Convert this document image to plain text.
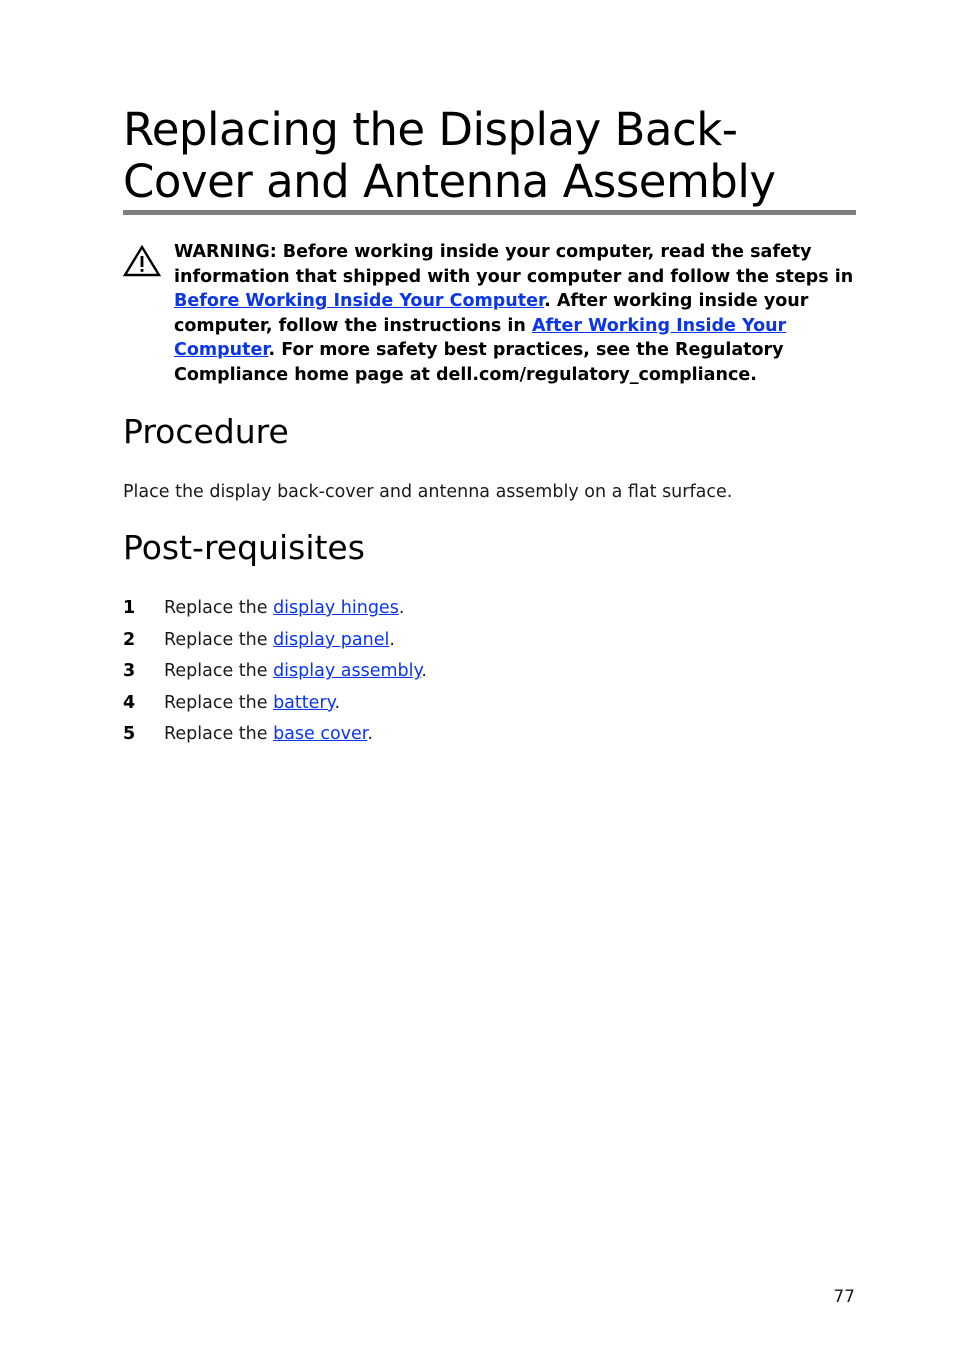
Replacing the Display Back-Cover and Antenna Assembly

WARNING: Before working inside your computer, read the safety information that shipped with your computer and follow the steps in Before Working Inside Your Computer. After working inside your computer, follow the instructions in After Working Inside Your Computer. For more safety best practices, see the Regulatory Compliance home page at dell.com/regulatory_compliance.

Procedure

Place the display back-cover and antenna assembly on a flat surface.

Post-requisites
1 Replace the display hinges.
2 Replace the display panel.
3 Replace the display assembly.
4 Replace the battery.
5 Replace the base cover.

77
